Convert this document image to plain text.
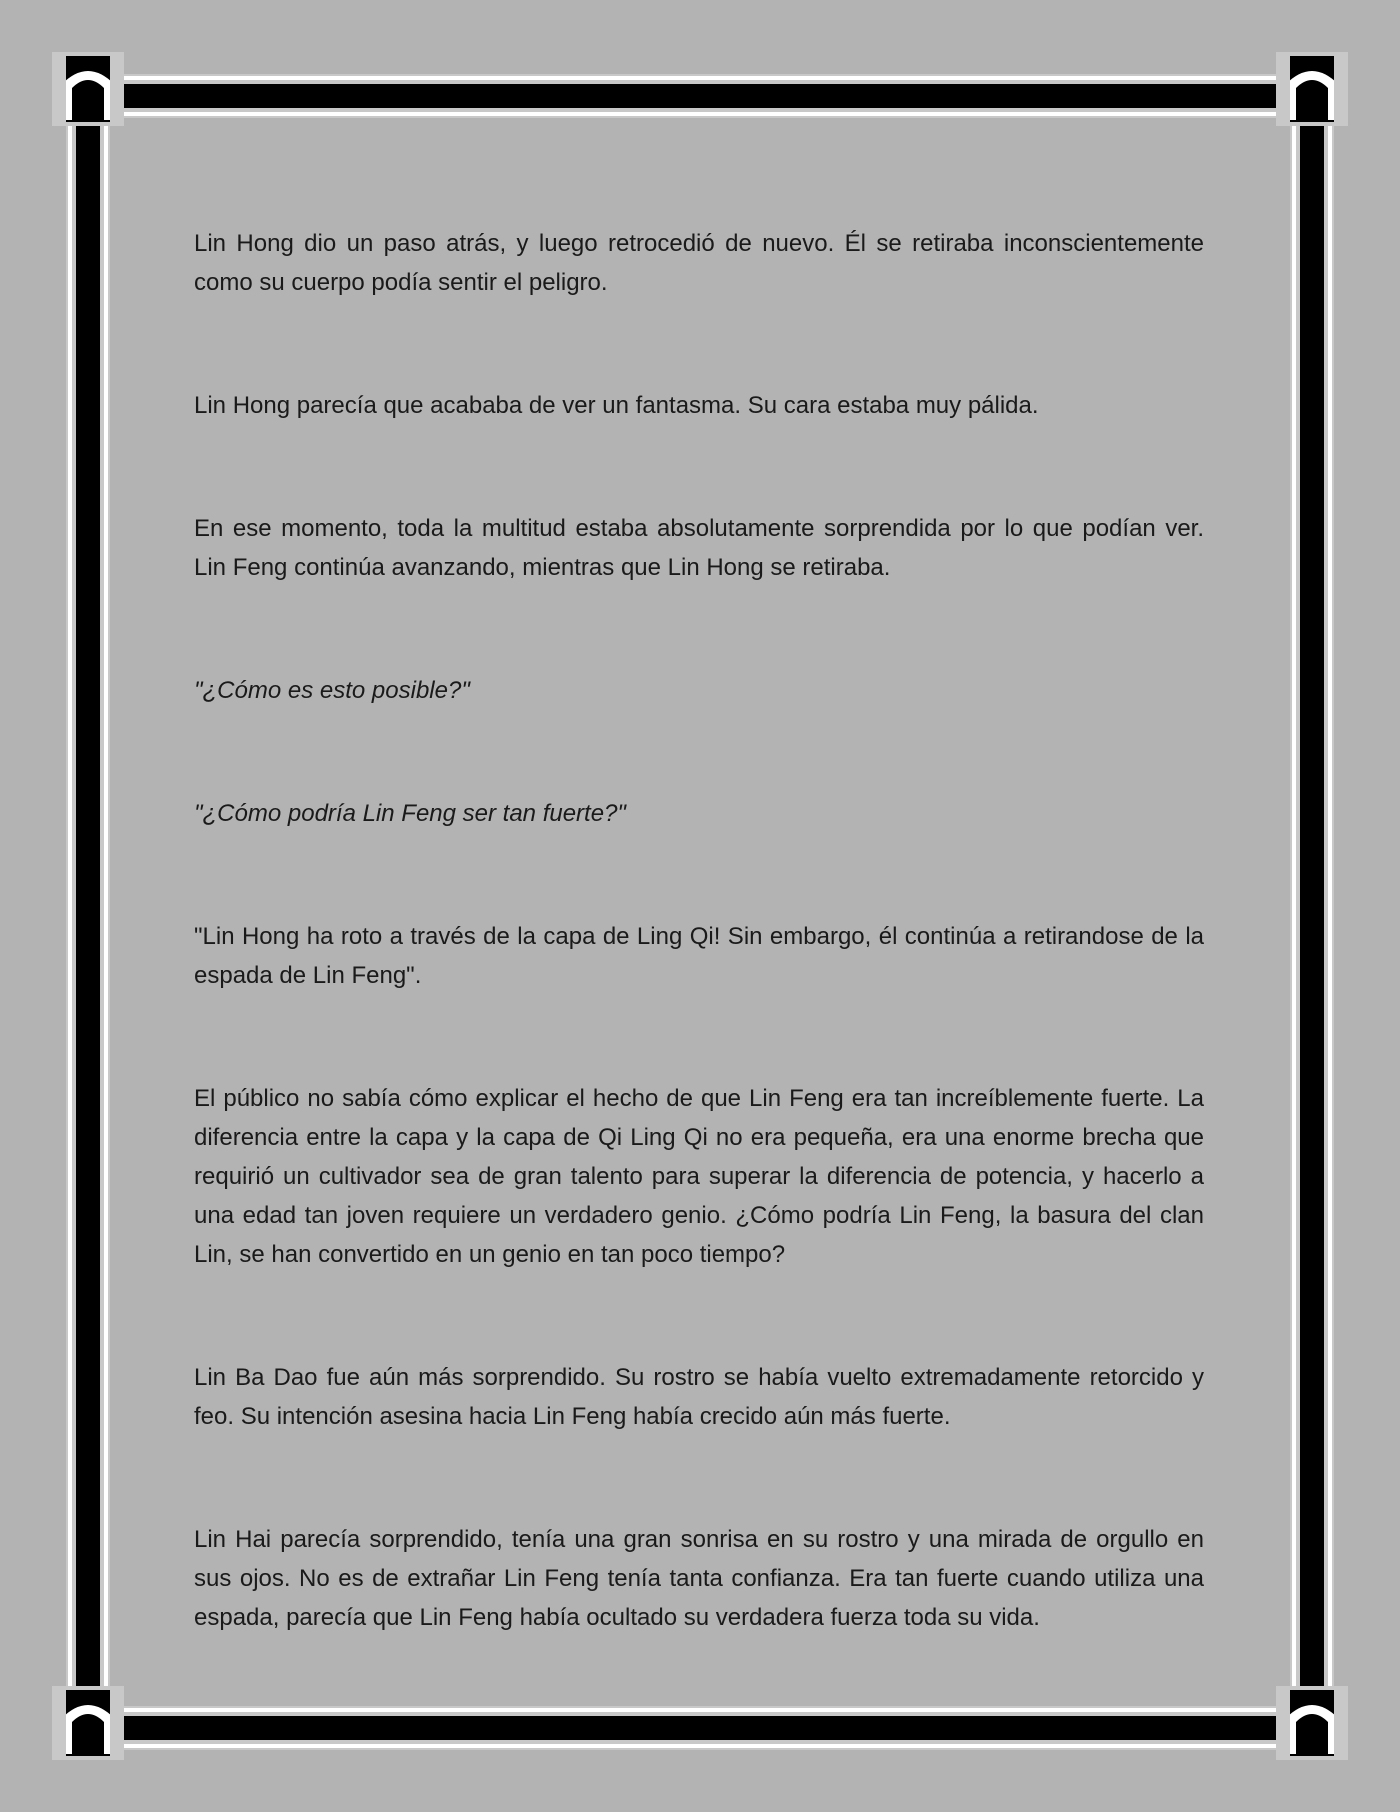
Lin Hong dio un paso atrás, y luego retrocedió de nuevo. Él se retiraba inconscientemente como su cuerpo podía sentir el peligro.

Lin Hong parecía que acababa de ver un fantasma. Su cara estaba muy pálida.

En ese momento, toda la multitud estaba absolutamente sorprendida por lo que podían ver. Lin Feng continúa avanzando, mientras que Lin Hong se retiraba.

"¿Cómo es esto posible?"

"¿Cómo podría Lin Feng ser tan fuerte?"

"Lin Hong ha roto a través de la capa de Ling Qi! Sin embargo, él continúa a retirandose de la espada de Lin Feng".

El público no sabía cómo explicar el hecho de que Lin Feng era tan increíblemente fuerte. La diferencia entre la capa y la capa de Qi Ling Qi no era pequeña, era una enorme brecha que requirió un cultivador sea de gran talento para superar la diferencia de potencia, y hacerlo a una edad tan joven requiere un verdadero genio. ¿Cómo podría Lin Feng, la basura del clan Lin, se han convertido en un genio en tan poco tiempo?

Lin Ba Dao fue aún más sorprendido. Su rostro se había vuelto extremadamente retorcido y feo. Su intención asesina hacia Lin Feng había crecido aún más fuerte.

Lin Hai parecía sorprendido, tenía una gran sonrisa en su rostro y una mirada de orgullo en sus ojos. No es de extrañar Lin Feng tenía tanta confianza. Era tan fuerte cuando utiliza una espada, parecía que Lin Feng había ocultado su verdadera fuerza toda su vida.
